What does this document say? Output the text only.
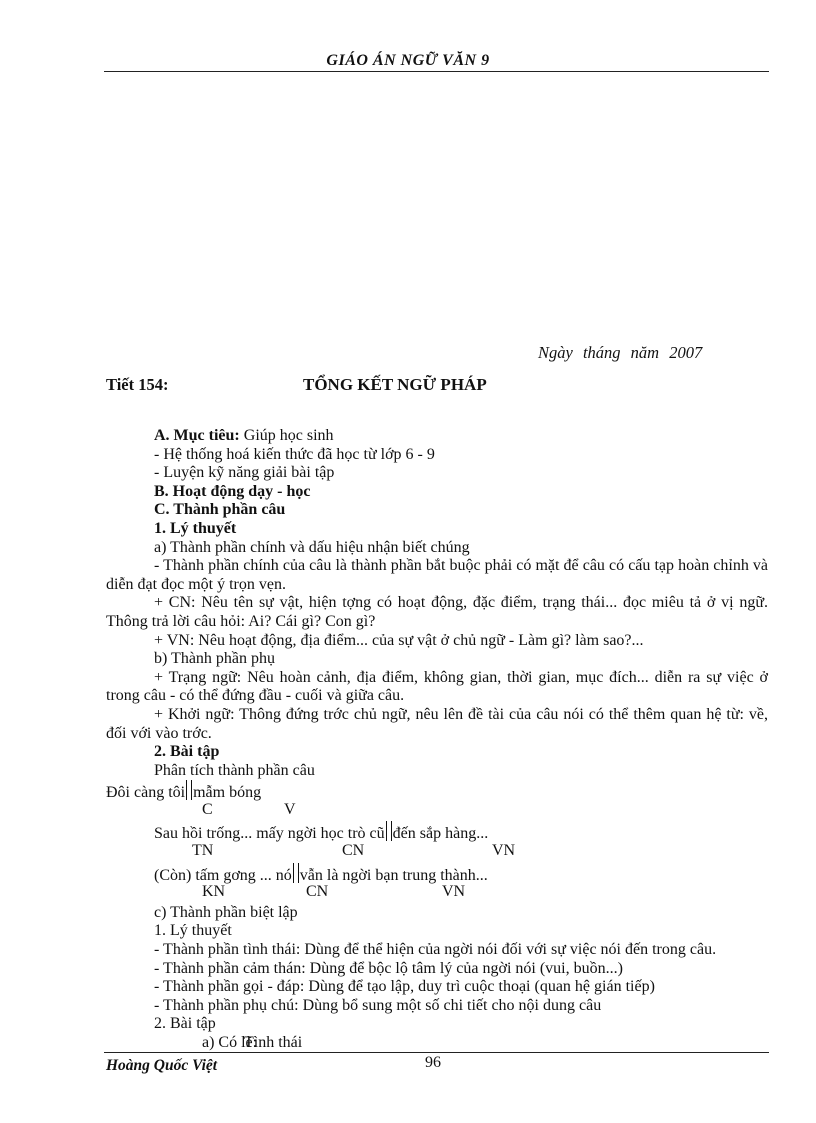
GIÁO ÁN NGỮ VĂN 9
Ngày tháng năm 2007
Tiết 154:	TỔNG KẾT NGỮ PHÁP

A. Mục tiêu: Giúp học sinh

- Hệ thống hoá kiến thức đã học từ lớp 6 - 9

- Luyện kỹ năng giải bài tập

B. Hoạt động dạy - học

C. Thành phần câu

1. Lý thuyết

a) Thành phần chính và dấu hiệu nhận biết chúng

- Thành phần chính của câu là thành phần bắt buộc phải có mặt để câu có cấu tạp hoàn chỉnh và diễn đạt đọc một ý trọn vẹn.

+ CN: Nêu tên sự vật, hiện tợng có hoạt động, đặc điểm, trạng thái... đọc miêu tả ở vị ngữ. Thông trả lời câu hỏi: Ai? Cái gì? Con gì?

+ VN: Nêu hoạt động, địa điểm... của sự vật ở chủ ngữ - Làm gì? làm sao?...

b) Thành phần phụ

+ Trạng ngữ: Nêu hoàn cảnh, địa điểm, không gian, thời gian, mục đích... diễn ra sự việc ở trong câu - có thể đứng đầu - cuối và giữa câu.

+ Khởi ngữ: Thông đứng trớc chủ ngữ, nêu lên đề tài của câu nói có thể thêm quan hệ từ: về, đối với vào trớc.

2. Bài tập

Phân tích thành phần câu

Đôi càng tôi mẫm bóng

C	V

Sau hồi trống... mấy ngời học trò cũ đến sắp hàng...

TN	CN	VN

(Còn) tấm gơng ... nó vẫn là ngời bạn trung thành...

KN	CN	VN

c) Thành phần biệt lập

1. Lý thuyết

- Thành phần tình thái: Dùng để thể hiện của ngời nói đối với sự việc nói đến trong câu.

- Thành phần cảm thán: Dùng để bộc lộ tâm lý của ngời nói (vui, buồn...)

- Thành phần gọi - đáp: Dùng để tạo lập, duy trì cuộc thoại (quan hệ gián tiếp)

- Thành phần phụ chú: Dùng bổ sung một số chi tiết cho nội dung câu

2. Bài tập

a) Có lẽ:Tình thái

Hoàng Quốc Việt	96
